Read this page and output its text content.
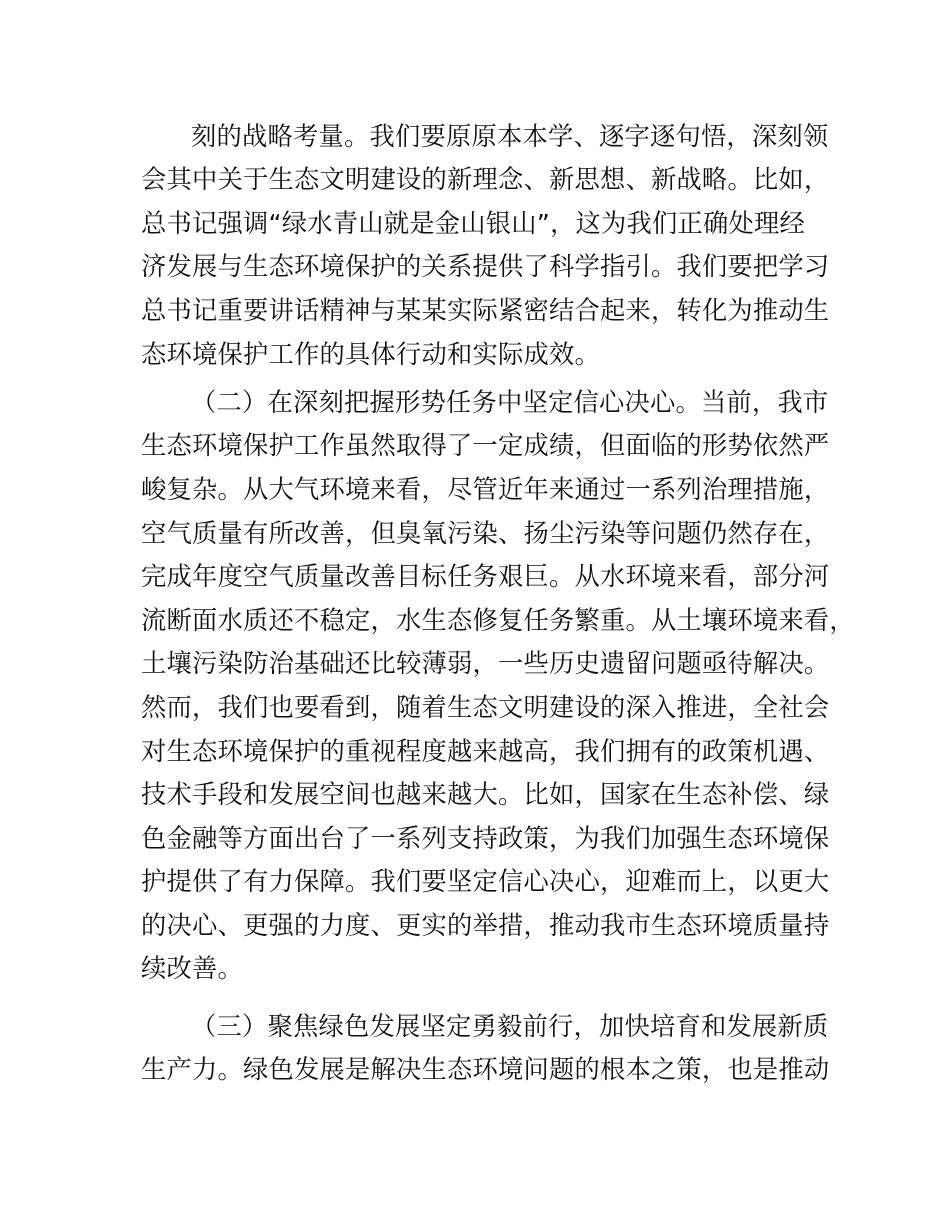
刻的战略考量。我们要原原本本学、逐字逐句悟，深刻领
会其中关于生态文明建设的新理念、新思想、新战略。比如，
总书记强调“绿水青山就是金山银山”，这为我们正确处理经
济发展与生态环境保护的关系提供了科学指引。我们要把学习
总书记重要讲话精神与某某实际紧密结合起来，转化为推动生
态环境保护工作的具体行动和实际成效。
（二）在深刻把握形势任务中坚定信心决心。当前，我市
生态环境保护工作虽然取得了一定成绩，但面临的形势依然严
峻复杂。从大气环境来看，尽管近年来通过一系列治理措施，
空气质量有所改善，但臭氧污染、扬尘污染等问题仍然存在，
完成年度空气质量改善目标任务艰巨。从水环境来看，部分河
流断面水质还不稳定，水生态修复任务繁重。从土壤环境来看，
土壤污染防治基础还比较薄弱，一些历史遗留问题亟待解决。
然而，我们也要看到，随着生态文明建设的深入推进，全社会
对生态环境保护的重视程度越来越高，我们拥有的政策机遇、
技术手段和发展空间也越来越大。比如，国家在生态补偿、绿
色金融等方面出台了一系列支持政策，为我们加强生态环境保
护提供了有力保障。我们要坚定信心决心，迎难而上，以更大
的决心、更强的力度、更实的举措，推动我市生态环境质量持
续改善。
（三）聚焦绿色发展坚定勇毅前行，加快培育和发展新质
生产力。绿色发展是解决生态环境问题的根本之策，也是推动
